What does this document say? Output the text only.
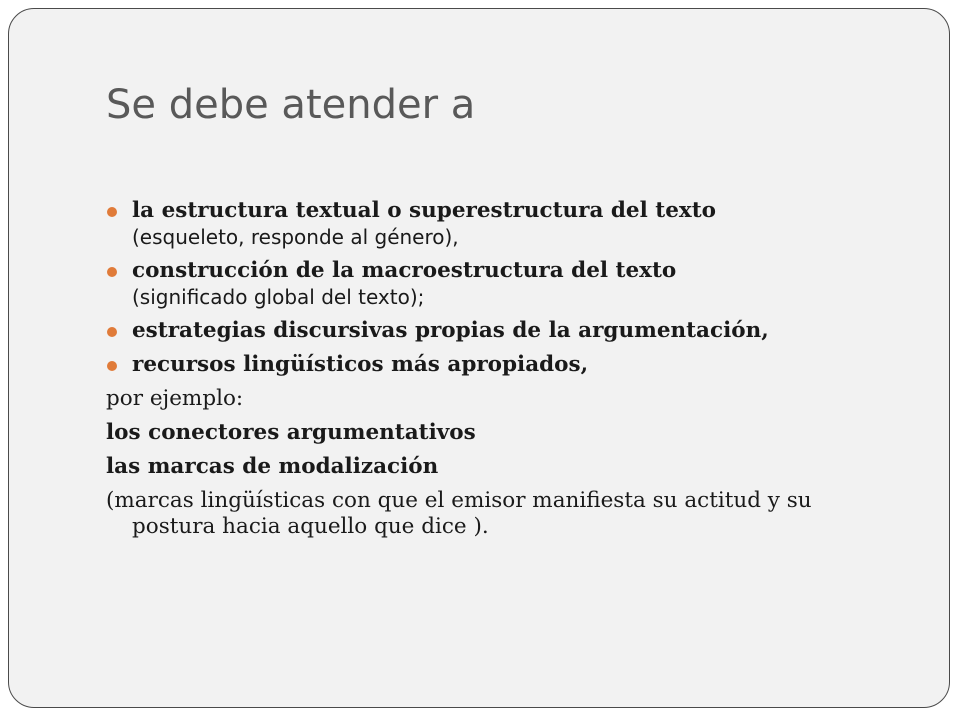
Se debe atender a
la estructura textual o superestructura del texto
(esqueleto, responde al género),
construcción de la macroestructura del texto
(significado global del texto);
estrategias discursivas propias de la argumentación,
recursos lingüísticos más apropiados,

por ejemplo:

los conectores argumentativos

las marcas de modalización

(marcas lingüísticas con que el emisor manifiesta su actitud y su postura hacia aquello que dice ).
